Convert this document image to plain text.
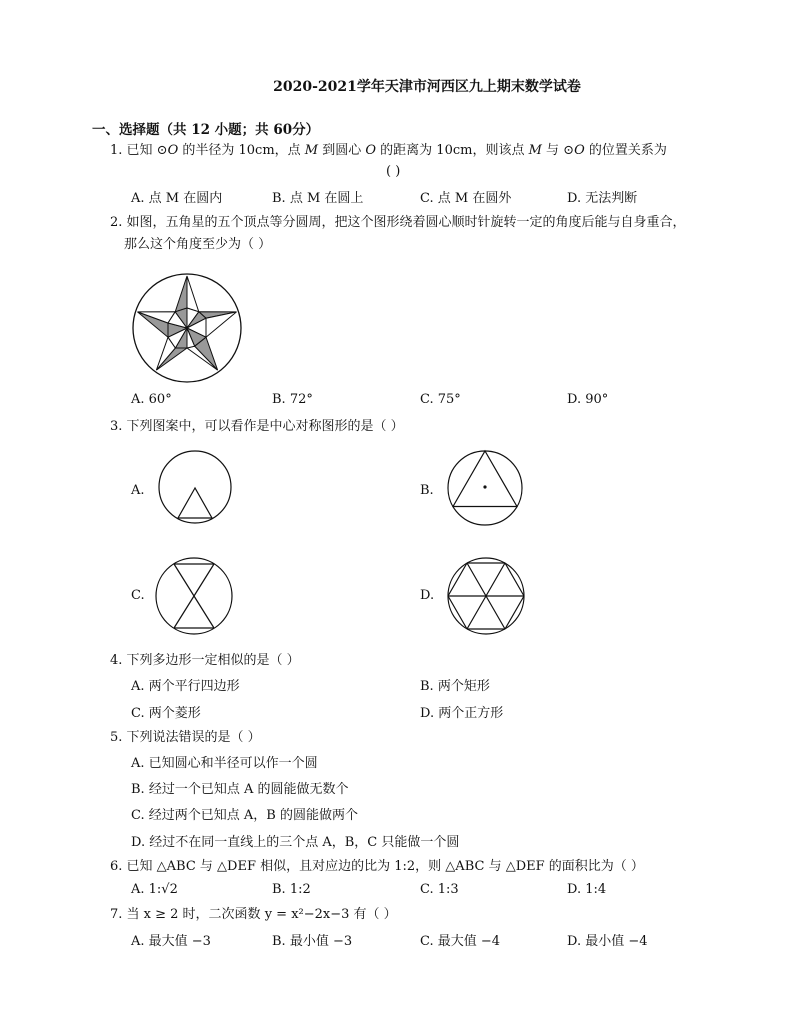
2020-2021学年天津市河西区九上期末数学试卷
一、选择题（共 12 小题；共 60分）
1. 已知 ⊙O 的半径为 10cm，点 M 到圆心 O 的距离为 10cm，则该点 M 与 ⊙O 的位置关系为
( )
A. 点 M 在圆内	B. 点 M 在圆上	C. 点 M 在圆外	D. 无法判断
2. 如图，五角星的五个顶点等分圆周，把这个图形绕着圆心顺时针旋转一定的角度后能与自身重合，
那么这个角度至少为（ ）
A. 60°	B. 72°	C. 75°	D. 90°
3. 下列图案中，可以看作是中心对称图形的是（ ）
A.	B.
C.	D.
4. 下列多边形一定相似的是（ ）
A. 两个平行四边形	B. 两个矩形
C. 两个菱形	D. 两个正方形
5. 下列说法错误的是（ ）
A. 已知圆心和半径可以作一个圆
B. 经过一个已知点 A 的圆能做无数个
C. 经过两个已知点 A，B 的圆能做两个
D. 经过不在同一直线上的三个点 A，B，C 只能做一个圆
6. 已知 △ABC 与 △DEF 相似，且对应边的比为 1:2，则 △ABC 与 △DEF 的面积比为（ ）
A. 1:√2	B. 1:2	C. 1:3	D. 1:4
7. 当 x ≥ 2 时，二次函数 y = x²−2x−3 有（ ）
A. 最大值 −3	B. 最小值 −3	C. 最大值 −4	D. 最小值 −4
